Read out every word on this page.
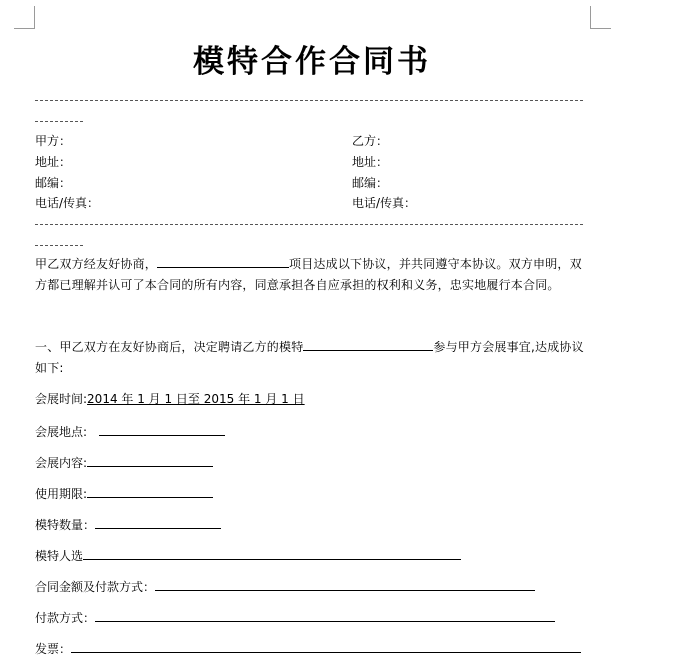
模特合作合同书
甲方：
地址：
邮编：
电话/传真：
乙方：
地址：
邮编：
电话/传真：
甲乙双方经友好协商，	项目达成以下协议，并共同遵守本协议。双方申明，双方都已理解并认可了本合同的所有内容，同意承担各自应承担的权利和义务，忠实地履行本合同。
一、甲乙双方在友好协商后，决定聘请乙方的模特	参与甲方会展事宜,达成协议如下:
会展时间:2014 年 1 月 1 日至 2015 年 1 月 1 日
会展地点:
会展内容:
使用期限:
模特数量：
模特人选
合同金额及付款方式：
付款方式：
发票：
